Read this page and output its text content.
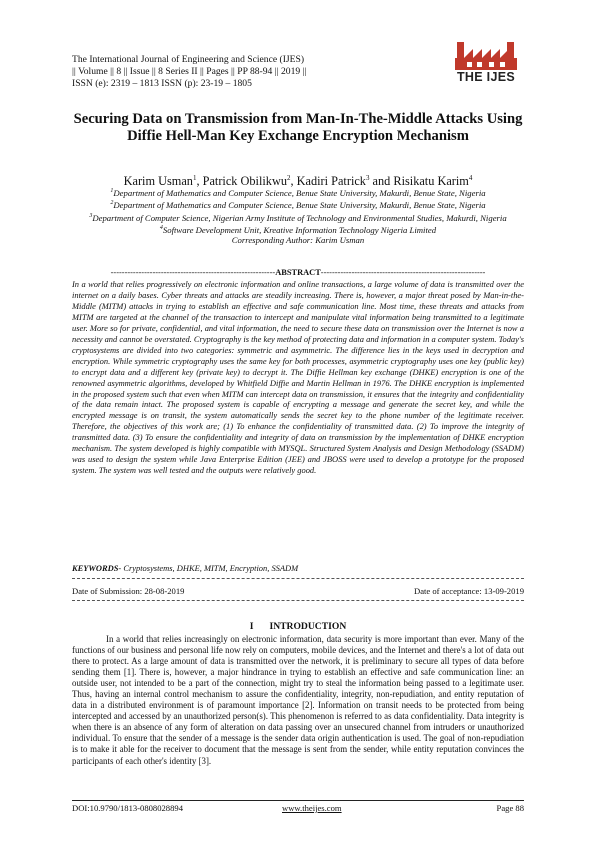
The International Journal of Engineering and Science (IJES)
|| Volume || 8 || Issue || 8 Series II || Pages || PP 88-94 || 2019 ||
ISSN (e): 2319 – 1813 ISSN (p): 23-19 – 1805	THE IJES
Securing Data on Transmission from Man-In-The-Middle Attacks Using Diffie Hell-Man Key Exchange Encryption Mechanism
Karim Usman$^1$, Patrick Obilikwu$^2$, Kadiri Patrick$^3$ and Risikatu Karim$^4$
$^1$Department of Mathematics and Computer Science, Benue State University, Makurdi, Benue State, Nigeria
$^2$Department of Mathematics and Computer Science, Benue State University, Makurdi, Benue State, Nigeria
$^3$Department of Computer Science, Nigerian Army Institute of Technology and Environmental Studies, Makurdi, Nigeria
$^4$Software Development Unit, Kreative Information Technology Nigeria Limited
Corresponding Author: Karim Usman
-----------------------------------------------------------ABSTRACT-----------------------------------------------------------
In a world that relies progressively on electronic information and online transactions, a large volume of data is transmitted over the internet on a daily bases. Cyber threats and attacks are steadily increasing. There is, however, a major threat posed by Man-in-the-Middle (MITM) attacks in trying to establish an effective and safe communication line. Most time, these threats and attacks from MITM are targeted at the channel of the transaction to intercept and manipulate vital information being transmitted to a legitimate user. More so for private, confidential, and vital information, the need to secure these data on transmission over the Internet is now a necessity and cannot be overstated. Cryptography is the key method of protecting data and information in a computer system. Today's cryptosystems are divided into two categories: symmetric and asymmetric. The difference lies in the keys used in decryption and encryption. While symmetric cryptography uses the same key for both processes, asymmetric cryptography uses one key (public key) to encrypt data and a different key (private key) to decrypt it. The Diffie Hellman key exchange (DHKE) encryption is one of the renowned asymmetric algorithms, developed by Whitfield Diffie and Martin Hellman in 1976. The DHKE encryption is implemented in the proposed system such that even when MITM can intercept data on transmission, it ensures that the integrity and confidentiality of the data remain intact. The proposed system is capable of encrypting a message and generate the secret key, and while the encrypted message is on transit, the system automatically sends the secret key to the phone number of the legitimate receiver. Therefore, the objectives of this work are; (1) To enhance the confidentiality of transmitted data. (2) To improve the integrity of transmitted data. (3) To ensure the confidentiality and integrity of data on transmission by the implementation of DHKE encryption mechanism. The system developed is highly compatible with MYSQL. Structured System Analysis and Design Methodology (SSADM) was used to design the system while Java Enterprise Edition (JEE) and JBOSS were used to develop a prototype for the proposed system. The system was well tested and the outputs were relatively good.
KEYWORDS- Cryptosystems, DHKE, MITM, Encryption, SSADM
Date of Submission: 28-08-2019	Date of acceptance: 13-09-2019
I INTRODUCTION
In a world that relies increasingly on electronic information, data security is more important than ever. Many of the functions of our business and personal life now rely on computers, mobile devices, and the Internet and there's a lot of data out there to protect. As a large amount of data is transmitted over the network, it is preliminary to secure all types of data before sending them [1]. There is, however, a major hindrance in trying to establish an effective and safe communication line: an outside user, not intended to be a part of the connection, might try to steal the information being passed to a legitimate user. Thus, having an internal control mechanism to assure the confidentiality, integrity, non-repudiation, and entity reputation of data in a distributed environment is of paramount importance [2]. Information on transit needs to be protected from being intercepted and accessed by an unauthorized person(s). This phenomenon is referred to as data confidentiality. Data integrity is when there is an absence of any form of alteration on data passing over an unsecured channel from intruders or unauthorized individual. To ensure that the sender of a message is the sender data origin authentication is used. The goal of non-repudiation is to make it able for the receiver to document that the message is sent from the sender, while entity reputation convinces the participants of each other's identity [3].
DOI:10.9790/1813-0808028894	www.theijes.com	Page 88
